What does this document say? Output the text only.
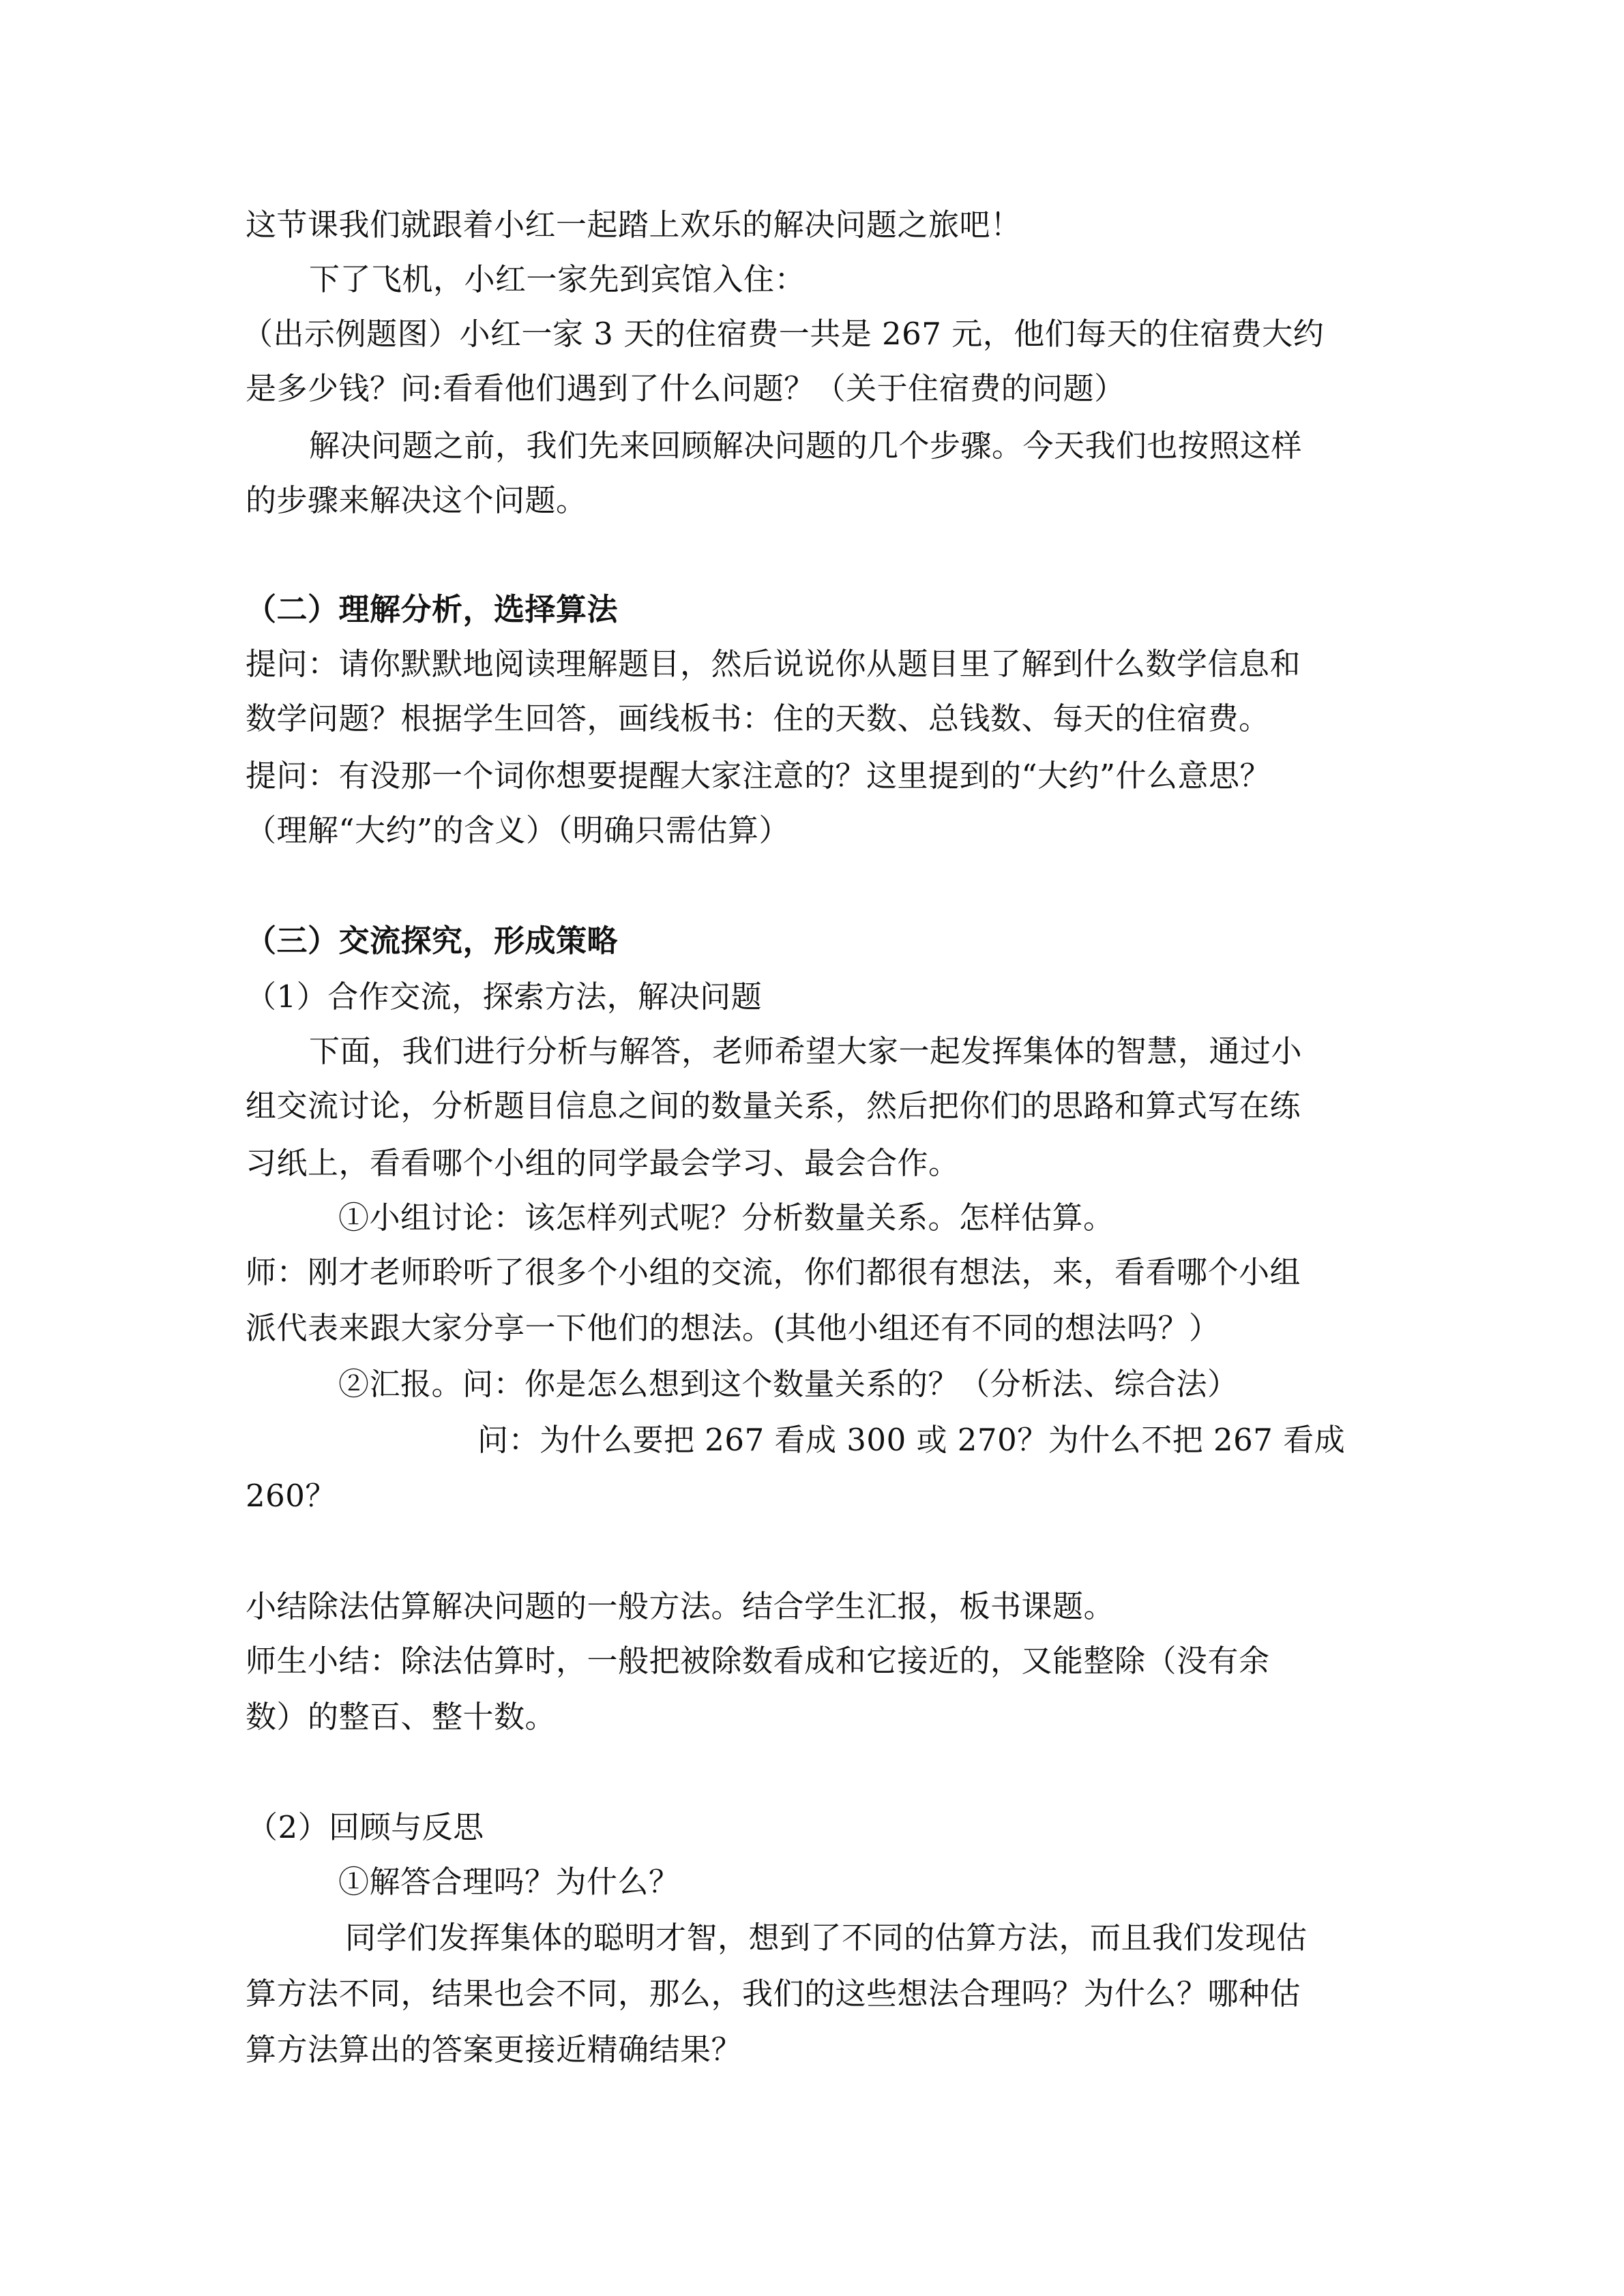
这节课我们就跟着小红一起踏上欢乐的解决问题之旅吧！
下了飞机，小红一家先到宾馆入住：
（出示例题图）小红一家 3 天的住宿费一共是 267 元，他们每天的住宿费大约
是多少钱？问:看看他们遇到了什么问题？（关于住宿费的问题）
解决问题之前，我们先来回顾解决问题的几个步骤。今天我们也按照这样
的步骤来解决这个问题。
（二）理解分析，选择算法
提问：请你默默地阅读理解题目，然后说说你从题目里了解到什么数学信息和
数学问题？根据学生回答，画线板书：住的天数、总钱数、每天的住宿费。
提问：有没那一个词你想要提醒大家注意的？这里提到的“大约”什么意思？
（理解“大约”的含义）（明确只需估算）
（三）交流探究，形成策略
（1）合作交流，探索方法，解决问题
下面，我们进行分析与解答，老师希望大家一起发挥集体的智慧，通过小
组交流讨论，分析题目信息之间的数量关系，然后把你们的思路和算式写在练
习纸上，看看哪个小组的同学最会学习、最会合作。
①小组讨论：该怎样列式呢？分析数量关系。怎样估算。
师：刚才老师聆听了很多个小组的交流，你们都很有想法，来，看看哪个小组
派代表来跟大家分享一下他们的想法。(其他小组还有不同的想法吗？）
②汇报。问：你是怎么想到这个数量关系的？（分析法、综合法）
问：为什么要把 267 看成 300 或 270？为什么不把 267 看成
260？
小结除法估算解决问题的一般方法。结合学生汇报，板书课题。
师生小结：除法估算时，一般把被除数看成和它接近的，又能整除（没有余
数）的整百、整十数。
（2）回顾与反思
①解答合理吗？为什么？
同学们发挥集体的聪明才智，想到了不同的估算方法，而且我们发现估
算方法不同，结果也会不同，那么，我们的这些想法合理吗？为什么？哪种估
算方法算出的答案更接近精确结果？
